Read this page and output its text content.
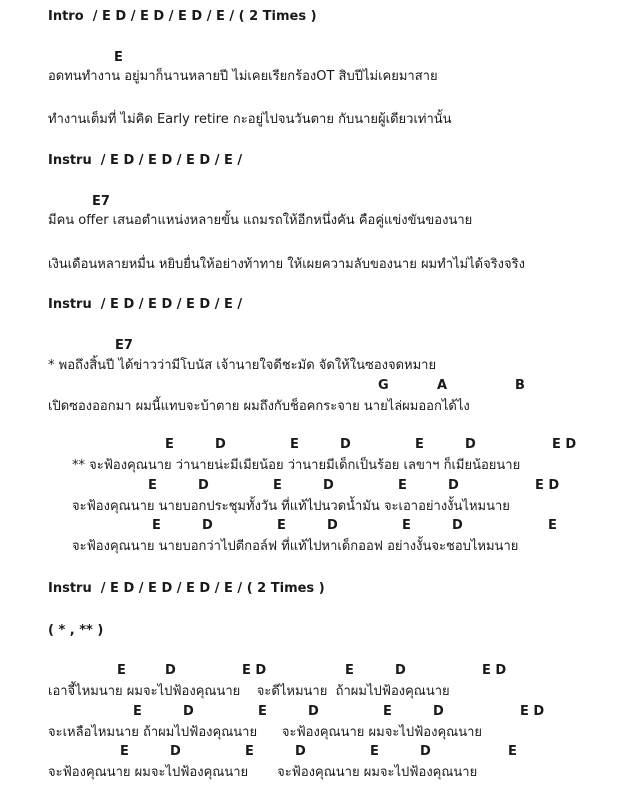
Intro  / E D / E D / E D / E / ( 2 Times )
E
อดทนทำงาน อยู่มาก็นานหลายปี ไม่เคยเรียกร้องOT สิบปีไม่เคยมาสาย
ทำงานเต็มที่ ไม่คิด Early retire กะอยู่ไปจนวันตาย กับนายผู้เดียวเท่านั้น
Instru  / E D / E D / E D / E /
E7
มีคน offer เสนอตำแหน่งหลายขั้น แถมรถให้อีกหนึ่งคัน คือคู่แข่งขันของนาย
เงินเดือนหลายหมื่น หยิบยื่นให้อย่างท้าทาย ให้เผยความลับของนาย ผมทำไม่ได้จริงจริง
Instru  / E D / E D / E D / E /
E7
* พอถึงสิ้นปี ได้ข่าวว่ามีโบนัส เจ้านายใจดีชะมัด จัดให้ในซองจดหมาย
G	A	B
เปิดซองออกมา ผมนี้แทบจะบ้าตาย ผมถึงกับช็อคกระจาย นายไล่ผมออกได้ไง
E	D	E	D	E	D	E D
** จะฟ้องคุณนาย ว่านายน่ะมีเมียน้อย ว่านายมีเด็กเป็นร้อย เลขาฯ ก็เมียน้อยนาย
E	D	E	D	E	D	E D
จะฟ้องคุณนาย นายบอกประชุมทั้งวัน ที่แท้ไปนวดน้ำมัน จะเอาอย่างงั้นไหมนาย
E	D	E	D	E	D	E
จะฟ้องคุณนาย นายบอกว่าไปตีกอล์ฟ ที่แท้ไปหาเด็กออฟ อย่างงั้นจะชอบไหมนาย
Instru  / E D / E D / E D / E / ( 2 Times )
( * , ** )
E	D	E D	E	D	E D
เอาจี้ไหมนาย ผมจะไปฟ้องคุณนาย    จะดีไหมนาย  ถ้าผมไปฟ้องคุณนาย
E	D	E	D	E	D	E D
จะเหลือไหมนาย ถ้าผมไปฟ้องคุณนาย      จะฟ้องคุณนาย ผมจะไปฟ้องคุณนาย
E	D	E	D	E	D	E
จะฟ้องคุณนาย ผมจะไปฟ้องคุณนาย       จะฟ้องคุณนาย ผมจะไปฟ้องคุณนาย
